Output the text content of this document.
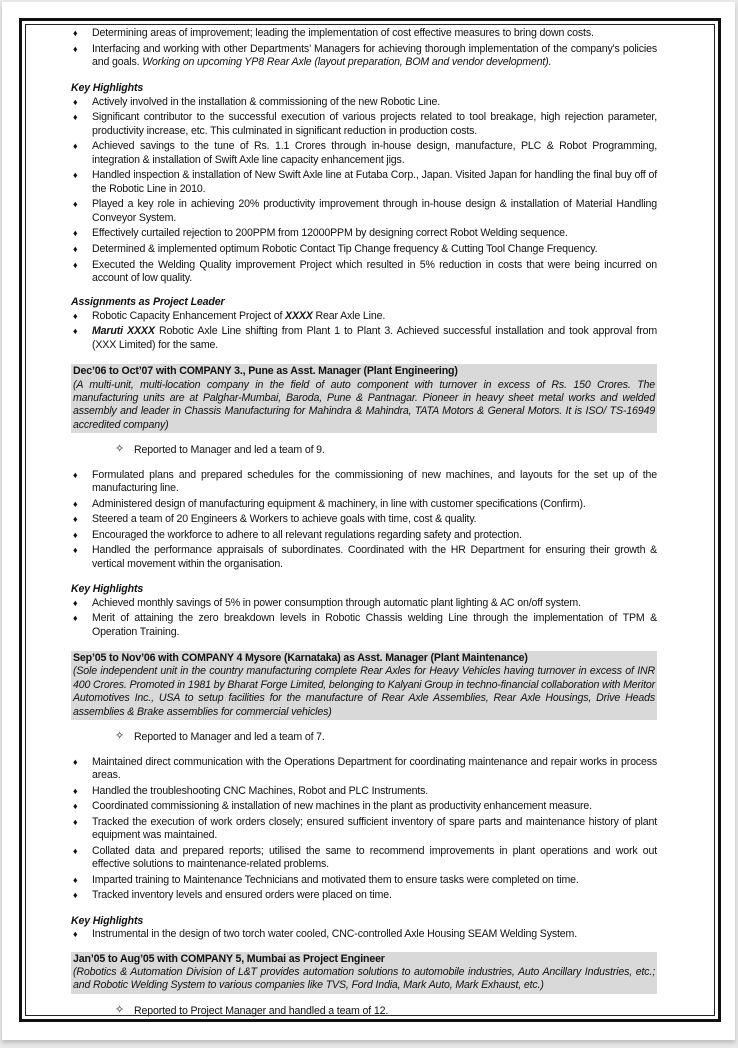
♦ Determining areas of improvement; leading the implementation of cost effective measures to bring down costs.
♦ Interfacing and working with other Departments’ Managers for achieving thorough implementation of the company's policies and goals. Working on upcoming YP8 Rear Axle (layout preparation, BOM and vendor development).
Key Highlights
♦ Actively involved in the installation & commissioning of the new Robotic Line.
♦ Significant contributor to the successful execution of various projects related to tool breakage, high rejection parameter, productivity increase, etc. This culminated in significant reduction in production costs.
♦ Achieved savings to the tune of Rs. 1.1 Crores through in-house design, manufacture, PLC & Robot Programming, integration & installation of Swift Axle line capacity enhancement jigs.
♦ Handled inspection & installation of New Swift Axle line at Futaba Corp., Japan. Visited Japan for handling the final buy off of the Robotic Line in 2010.
♦ Played a key role in achieving 20% productivity improvement through in-house design & installation of Material Handling Conveyor System.
♦ Effectively curtailed rejection to 200PPM from 12000PPM by designing correct Robot Welding sequence.
♦ Determined & implemented optimum Robotic Contact Tip Change frequency & Cutting Tool Change Frequency.
♦ Executed the Welding Quality improvement Project which resulted in 5% reduction in costs that were being incurred on account of low quality.
Assignments as Project Leader
♦ Robotic Capacity Enhancement Project of XXXX Rear Axle Line.
♦ Maruti XXXX Robotic Axle Line shifting from Plant 1 to Plant 3. Achieved successful installation and took approval from (XXX Limited) for the same.
Dec’06 to Oct’07 with COMPANY 3., Pune as Asst. Manager (Plant Engineering)
(A multi-unit, multi-location company in the field of auto component with turnover in excess of Rs. 150 Crores. The manufacturing units are at Palghar-Mumbai, Baroda, Pune & Pantnagar. Pioneer in heavy sheet metal works and welded assembly and leader in Chassis Manufacturing for Mahindra & Mahindra, TATA Motors & General Motors. It is ISO/ TS-16949 accredited company)
✧ Reported to Manager and led a team of 9.
♦ Formulated plans and prepared schedules for the commissioning of new machines, and layouts for the set up of the manufacturing line.
♦ Administered design of manufacturing equipment & machinery, in line with customer specifications (Confirm).
♦ Steered a team of 20 Engineers & Workers to achieve goals with time, cost & quality.
♦ Encouraged the workforce to adhere to all relevant regulations regarding safety and protection.
♦ Handled the performance appraisals of subordinates. Coordinated with the HR Department for ensuring their growth & vertical movement within the organisation.
Key Highlights
♦ Achieved monthly savings of 5% in power consumption through automatic plant lighting & AC on/off system.
♦ Merit of attaining the zero breakdown levels in Robotic Chassis welding Line through the implementation of TPM & Operation Training.
Sep’05 to Nov’06 with COMPANY 4 Mysore (Karnataka) as Asst. Manager (Plant Maintenance)
(Sole independent unit in the country manufacturing complete Rear Axles for Heavy Vehicles having turnover in excess of INR 400 Crores. Promoted in 1981 by Bharat Forge Limited, belonging to Kalyani Group in techno-financial collaboration with Meritor Automotives Inc., USA to setup facilities for the manufacture of Rear Axle Assemblies, Rear Axle Housings, Drive Heads assemblies & Brake assemblies for commercial vehicles)
✧ Reported to Manager and led a team of 7.
♦ Maintained direct communication with the Operations Department for coordinating maintenance and repair works in process areas.
♦ Handled the troubleshooting CNC Machines, Robot and PLC Instruments.
♦ Coordinated commissioning & installation of new machines in the plant as productivity enhancement measure.
♦ Tracked the execution of work orders closely; ensured sufficient inventory of spare parts and maintenance history of plant equipment was maintained.
♦ Collated data and prepared reports; utilised the same to recommend improvements in plant operations and work out effective solutions to maintenance-related problems.
♦ Imparted training to Maintenance Technicians and motivated them to ensure tasks were completed on time.
♦ Tracked inventory levels and ensured orders were placed on time.
Key Highlights
♦ Instrumental in the design of two torch water cooled, CNC-controlled Axle Housing SEAM Welding System.
Jan’05 to Aug’05 with COMPANY 5, Mumbai as Project Engineer
(Robotics & Automation Division of L&T provides automation solutions to automobile industries, Auto Ancillary Industries, etc.; and Robotic Welding System to various companies like TVS, Ford India, Mark Auto, Mark Exhaust, etc.)
✧ Reported to Project Manager and handled a team of 12.
